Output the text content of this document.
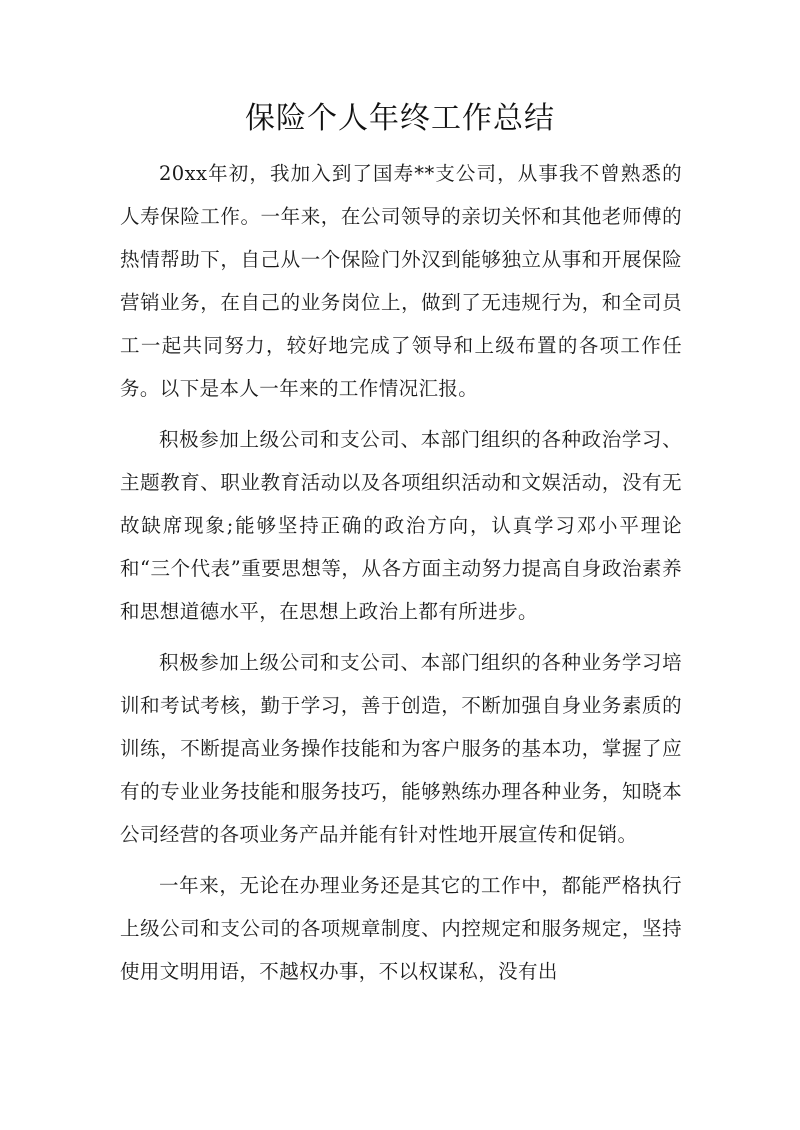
保险个人年终工作总结

20xx年初，我加入到了国寿**支公司，从事我不曾熟悉的人寿保险工作。一年来，在公司领导的亲切关怀和其他老师傅的热情帮助下，自己从一个保险门外汉到能够独立从事和开展保险营销业务，在自己的业务岗位上，做到了无违规行为，和全司员工一起共同努力，较好地完成了领导和上级布置的各项工作任务。以下是本人一年来的工作情况汇报。

积极参加上级公司和支公司、本部门组织的各种政治学习、主题教育、职业教育活动以及各项组织活动和文娱活动，没有无故缺席现象;能够坚持正确的政治方向，认真学习邓小平理论和“三个代表”重要思想等，从各方面主动努力提高自身政治素养和思想道德水平，在思想上政治上都有所进步。

积极参加上级公司和支公司、本部门组织的各种业务学习培训和考试考核，勤于学习，善于创造，不断加强自身业务素质的训练，不断提高业务操作技能和为客户服务的基本功，掌握了应有的专业业务技能和服务技巧，能够熟练办理各种业务，知晓本公司经营的各项业务产品并能有针对性地开展宣传和促销。

一年来，无论在办理业务还是其它的工作中，都能严格执行上级公司和支公司的各项规章制度、内控规定和服务规定，坚持使用文明用语，不越权办事，不以权谋私，没有出
